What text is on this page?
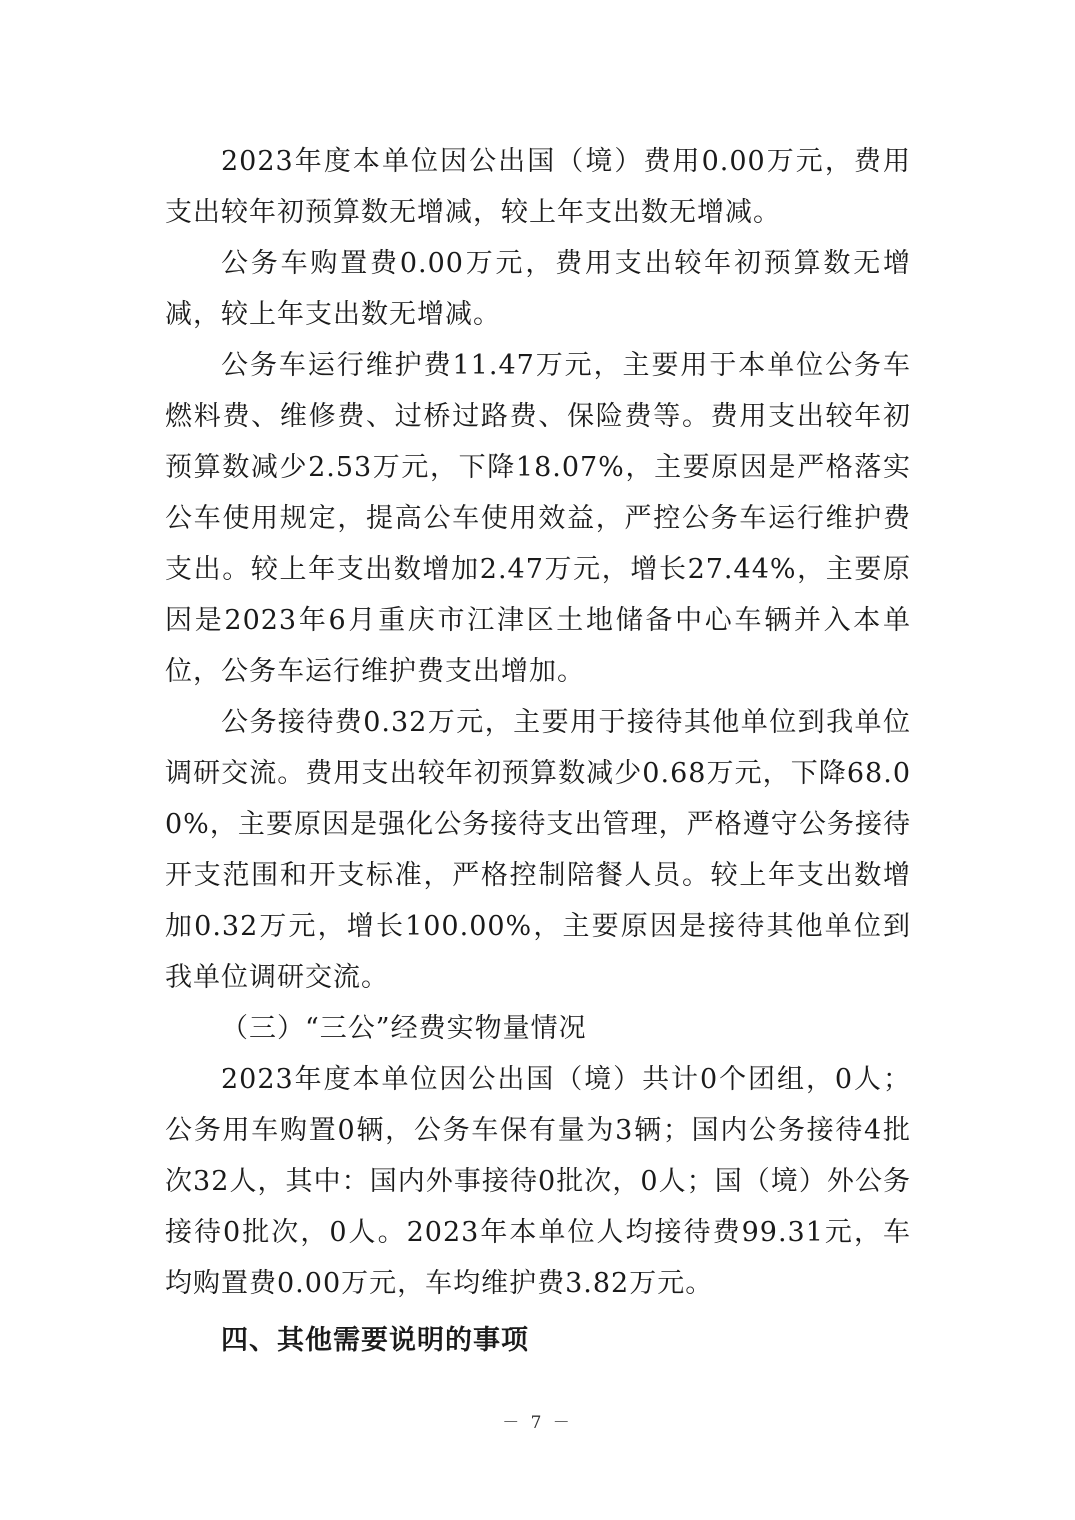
2023年度本单位因公出国（境）费用0.00万元，费用支出较年初预算数无增减，较上年支出数无增减。

公务车购置费0.00万元，费用支出较年初预算数无增减，较上年支出数无增减。

公务车运行维护费11.47万元，主要用于本单位公务车燃料费、维修费、过桥过路费、保险费等。费用支出较年初预算数减少2.53万元，下降18.07%，主要原因是严格落实公车使用规定，提高公车使用效益，严控公务车运行维护费支出。较上年支出数增加2.47万元，增长27.44%，主要原因是2023年6月重庆市江津区土地储备中心车辆并入本单位，公务车运行维护费支出增加。

公务接待费0.32万元，主要用于接待其他单位到我单位调研交流。费用支出较年初预算数减少0.68万元，下降68.00%，主要原因是强化公务接待支出管理，严格遵守公务接待开支范围和开支标准，严格控制陪餐人员。较上年支出数增加0.32万元，增长100.00%，主要原因是接待其他单位到我单位调研交流。

（三）“三公”经费实物量情况

2023年度本单位因公出国（境）共计0个团组，0人；公务用车购置0辆，公务车保有量为3辆；国内公务接待4批次32人，其中：国内外事接待0批次，0人；国（境）外公务接待0批次，0人。2023年本单位人均接待费99.31元，车均购置费0.00万元，车均维护费3.82万元。

四、其他需要说明的事项

－ 7 －
